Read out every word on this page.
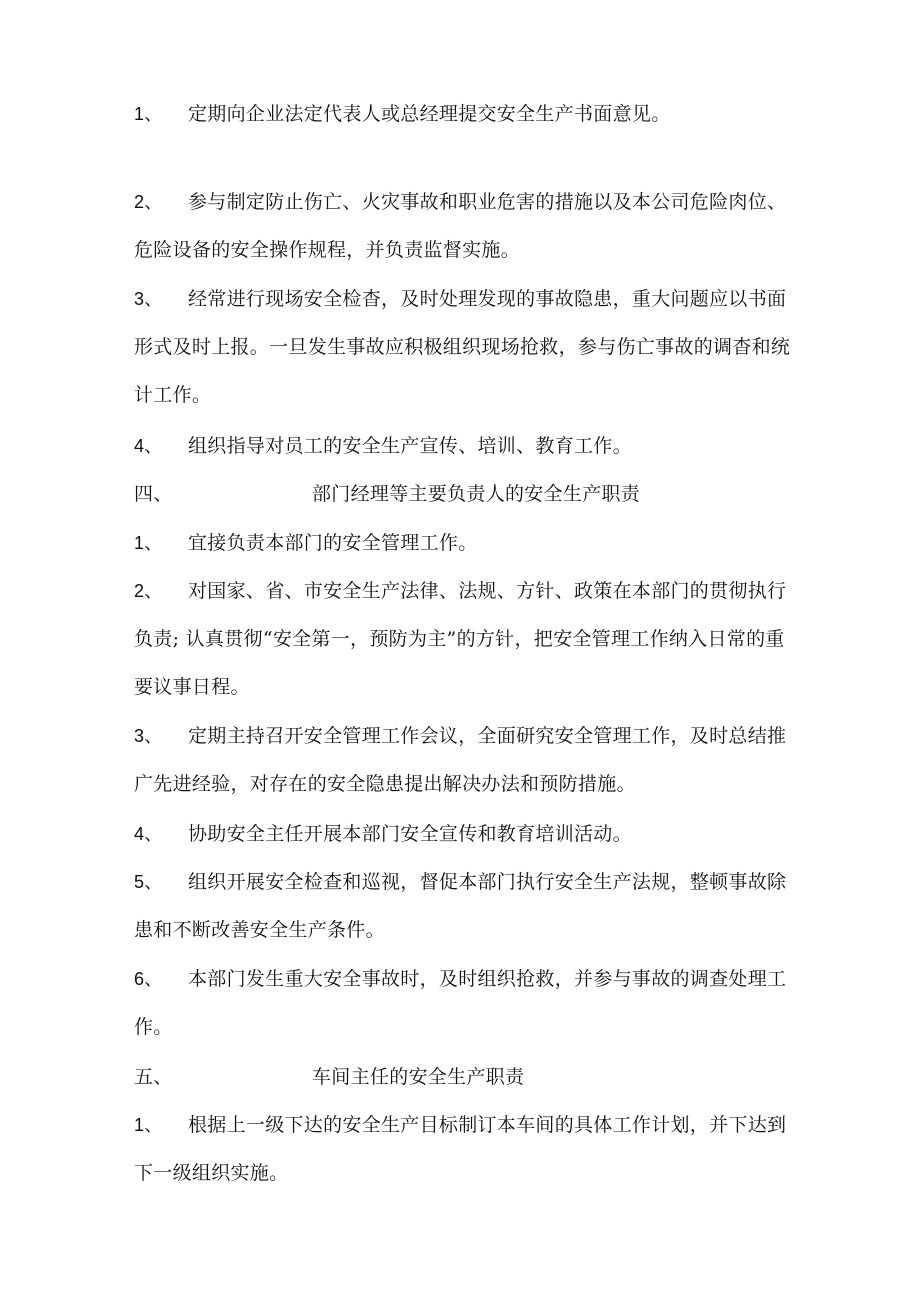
1、 定期向企业法定代表人或总经理提交安全生产书面意见。
2、 参与制定防止伤亡、火灾事故和职业危害的措施以及本公司危险肉位、危险设备的安全操作规程，并负责监督实施。
3、 经常进行现场安全检杳，及时处理发现的事故隐患，重大问题应以书面形式及时上报。一旦发生事故应积极组织现场抢救，参与伤亡事故的调杳和统计工作。
4、 组织指导对员工的安全生产宣传、培训、教育工作。
四、	部门经理等主要负责人的安全生产职责
1、 宜接负责本部门的安全管理工作。
2、 对国家、省、市安全生产法律、法规、方针、政策在本部门的贯彻执行负责; 认真贯彻“安全第一，预防为主”的方针，把安全管理工作纳入日常的重要议事日程。
3、 定期主持召开安全管理工作会议，全面研究安全管理工作，及时总结推广先进经验，对存在的安全隐患提出解决办法和预防措施。
4、 协助安全主任开展本部门安全宣传和教育培训活动。
5、 组织开展安全检查和巡视，督促本部门执行安全生产法规，整顿事故除患和不断改善安全生产条件。
6、 本部门发生重大安全事故时，及时组织抢救，并参与事故的调查处理工作。
五、	车间主任的安全生产职责
1、 根据上一级下达的安全生产目标制订本车间的具体工作计划，并下达到下一级组织实施。
